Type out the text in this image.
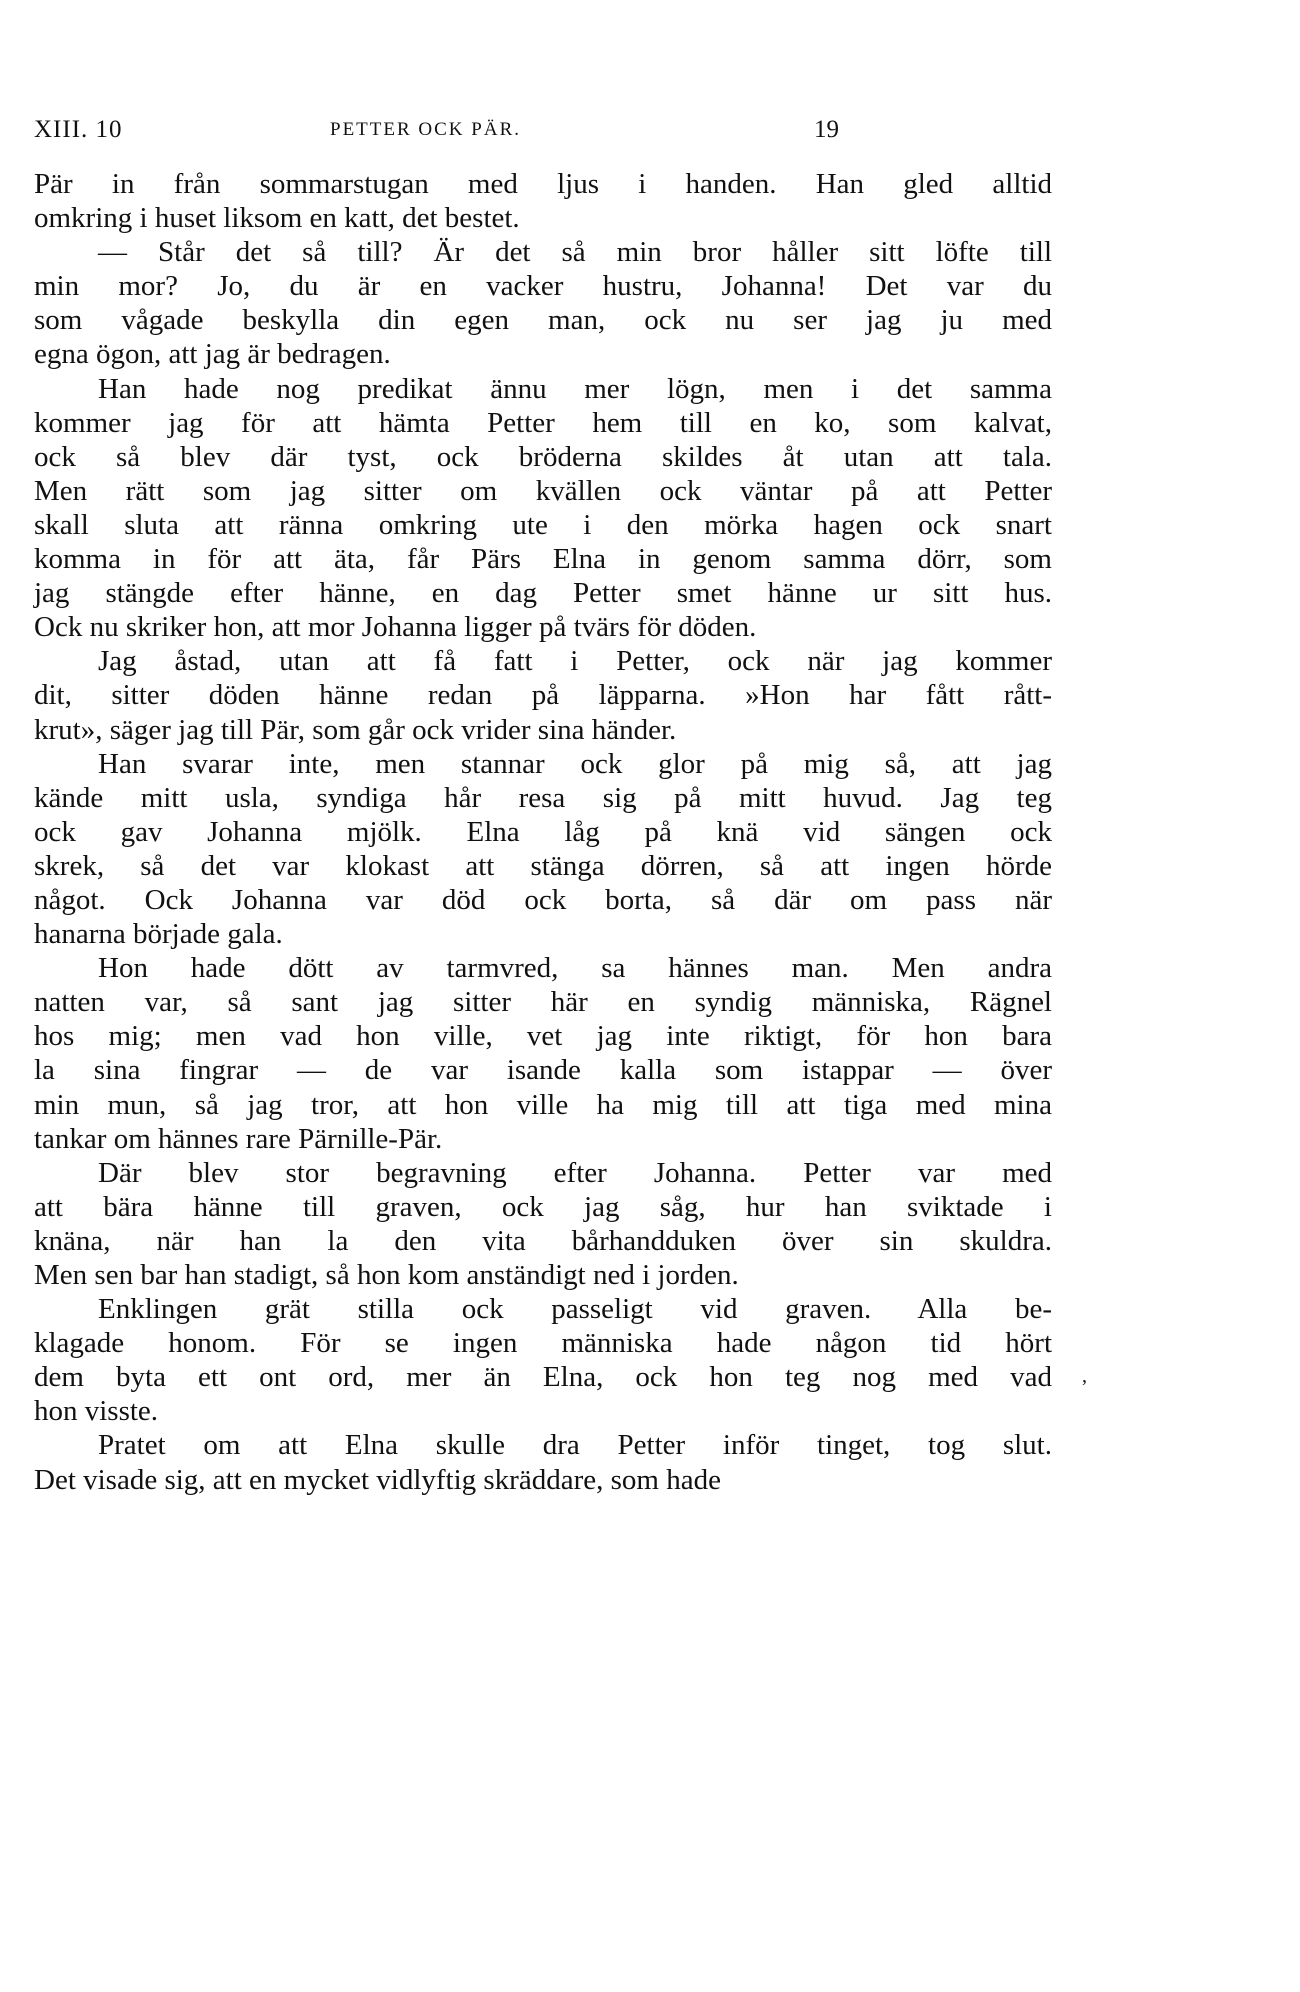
XIII. 10	PETTER OCK PÄR.	19
Pär in från sommarstugan med ljus i handen. Han gled alltid
omkring i huset liksom en katt, det bestet.
— Står det så till? Är det så min bror håller sitt löfte till
min mor? Jo, du är en vacker hustru, Johanna! Det var du
som vågade beskylla din egen man, ock nu ser jag ju med
egna ögon, att jag är bedragen.
Han hade nog predikat ännu mer lögn, men i det samma
kommer jag för att hämta Petter hem till en ko, som kalvat,
ock så blev där tyst, ock bröderna skildes åt utan att tala.
Men rätt som jag sitter om kvällen ock väntar på att Petter
skall sluta att ränna omkring ute i den mörka hagen ock snart
komma in för att äta, får Pärs Elna in genom samma dörr, som
jag stängde efter hänne, en dag Petter smet hänne ur sitt hus.
Ock nu skriker hon, att mor Johanna ligger på tvärs för döden.
Jag åstad, utan att få fatt i Petter, ock när jag kommer
dit, sitter döden hänne redan på läpparna. »Hon har fått rått-
krut», säger jag till Pär, som går ock vrider sina händer.
Han svarar inte, men stannar ock glor på mig så, att jag
kände mitt usla, syndiga hår resa sig på mitt huvud. Jag teg
ock gav Johanna mjölk. Elna låg på knä vid sängen ock
skrek, så det var klokast att stänga dörren, så att ingen hörde
något. Ock Johanna var död ock borta, så där om pass när
hanarna började gala.
Hon hade dött av tarmvred, sa hännes man. Men andra
natten var, så sant jag sitter här en syndig människa, Rägnel
hos mig; men vad hon ville, vet jag inte riktigt, för hon bara
la sina fingrar — de var isande kalla som istappar — över
min mun, så jag tror, att hon ville ha mig till att tiga med mina
tankar om hännes rare Pärnille-Pär.
Där blev stor begravning efter Johanna. Petter var med
att bära hänne till graven, ock jag såg, hur han sviktade i
knäna, när han la den vita bårhandduken över sin skuldra.
Men sen bar han stadigt, så hon kom anständigt ned i jorden.
Enklingen grät stilla ock passeligt vid graven. Alla be-
klagade honom. För se ingen människa hade någon tid hört
dem byta ett ont ord, mer än Elna, ock hon teg nog med vad
hon visste.
Pratet om att Elna skulle dra Petter inför tinget, tog slut.
Det visade sig, att en mycket vidlyftig skräddare, som hade
,
